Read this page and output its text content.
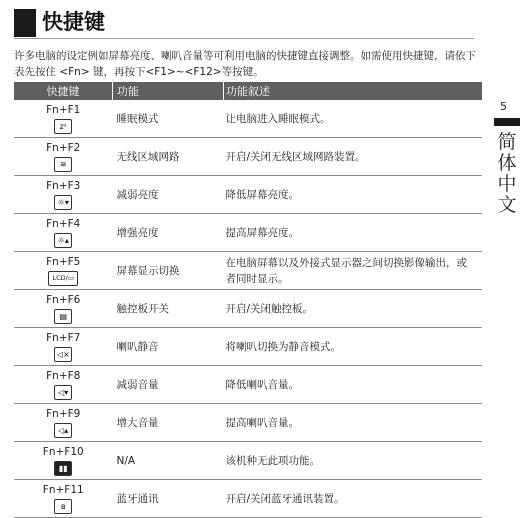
快捷键
许多电脑的设定例如屏幕亮度、喇叭音量等可利用电脑的快捷键直接调整。如需使用快捷键，请依下表先按住 <Fn> 键，再按下<F1>~<F12>等按键。
5
简
体
中
文
快捷键	功能	功能叙述

Fn+F1
zᶻ	睡眠模式	让电脑进入睡眠模式。

Fn+F2
≋	无线区域网路	开启/关闭无线区域网路装置。

Fn+F3
☼▾	减弱亮度	降低屏幕亮度。

Fn+F4
☼▴	增强亮度	提高屏幕亮度。

Fn+F5
LCD/▭	屏幕显示切换	在电脑屏幕以及外接式显示器之间切换影像输出，或者同时显示。

Fn+F6
▤	触控板开关	开启/关闭触控板。

Fn+F7
◁×	喇叭静音	将喇叭切换为静音模式。

Fn+F8
◁▾	减弱音量	降低喇叭音量。

Fn+F9
◁▴	增大音量	提高喇叭音量。

Fn+F10
▮▮	N/A	该机种无此项功能。

Fn+F11
ʙ	蓝牙通讯	开启/关闭蓝牙通讯装置。
